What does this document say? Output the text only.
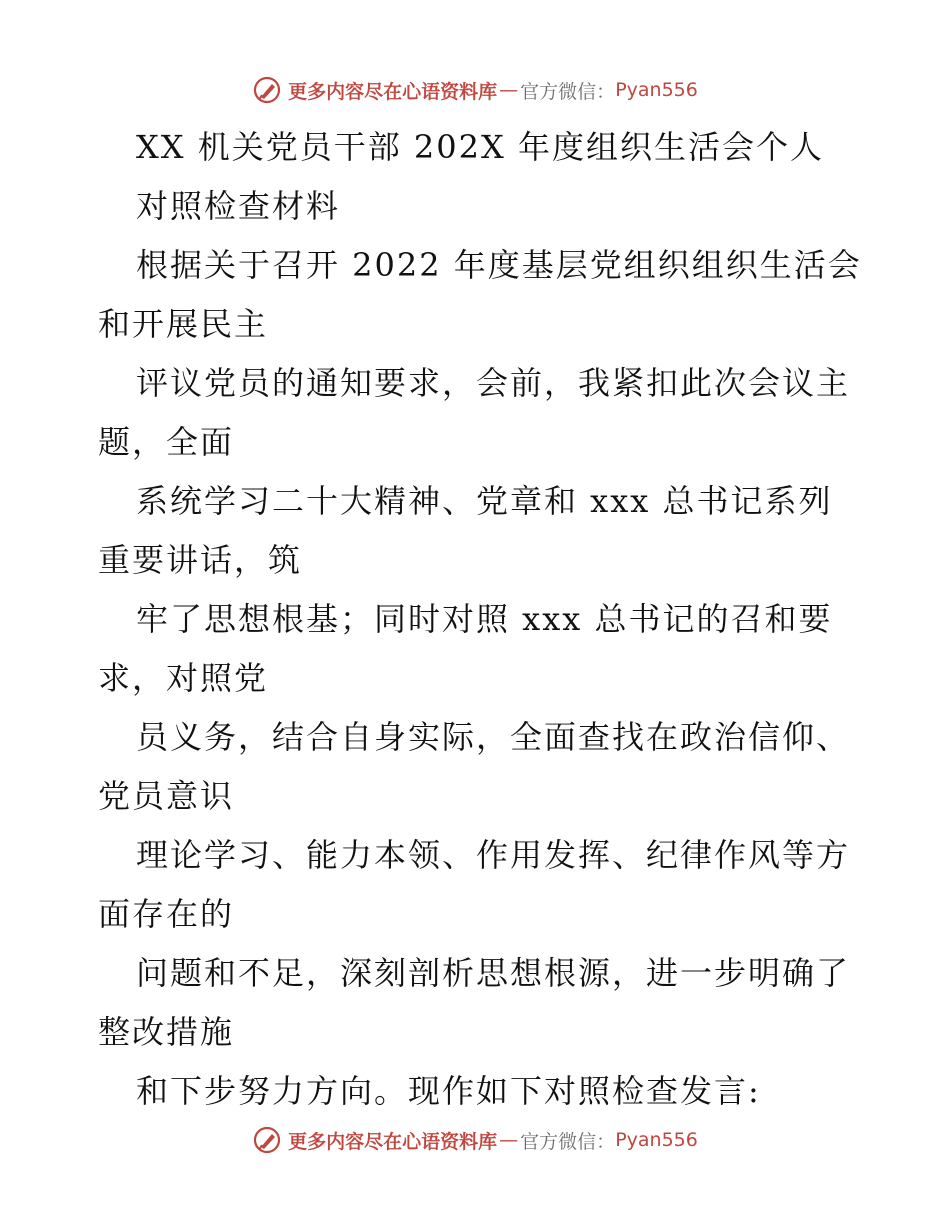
更多内容尽在心语资料库 — 官方微信： Pyan556
XX 机关党员干部 202X 年度组织生活会个人
对照检查材料
根据关于召开 2022 年度基层党组织组织生活会
和开展民主
评议党员的通知要求，会前，我紧扣此次会议主
题，全面
系统学习二十大精神、党章和 xxx 总书记系列
重要讲话，筑
牢了思想根基；同时对照 xxx 总书记的召和要
求，对照党
员义务，结合自身实际，全面查找在政治信仰、
党员意识
理论学习、能力本领、作用发挥、纪律作风等方
面存在的
问题和不足，深刻剖析思想根源，进一步明确了
整改措施
和下步努力方向。现作如下对照检查发言:
更多内容尽在心语资料库 — 官方微信： Pyan556
